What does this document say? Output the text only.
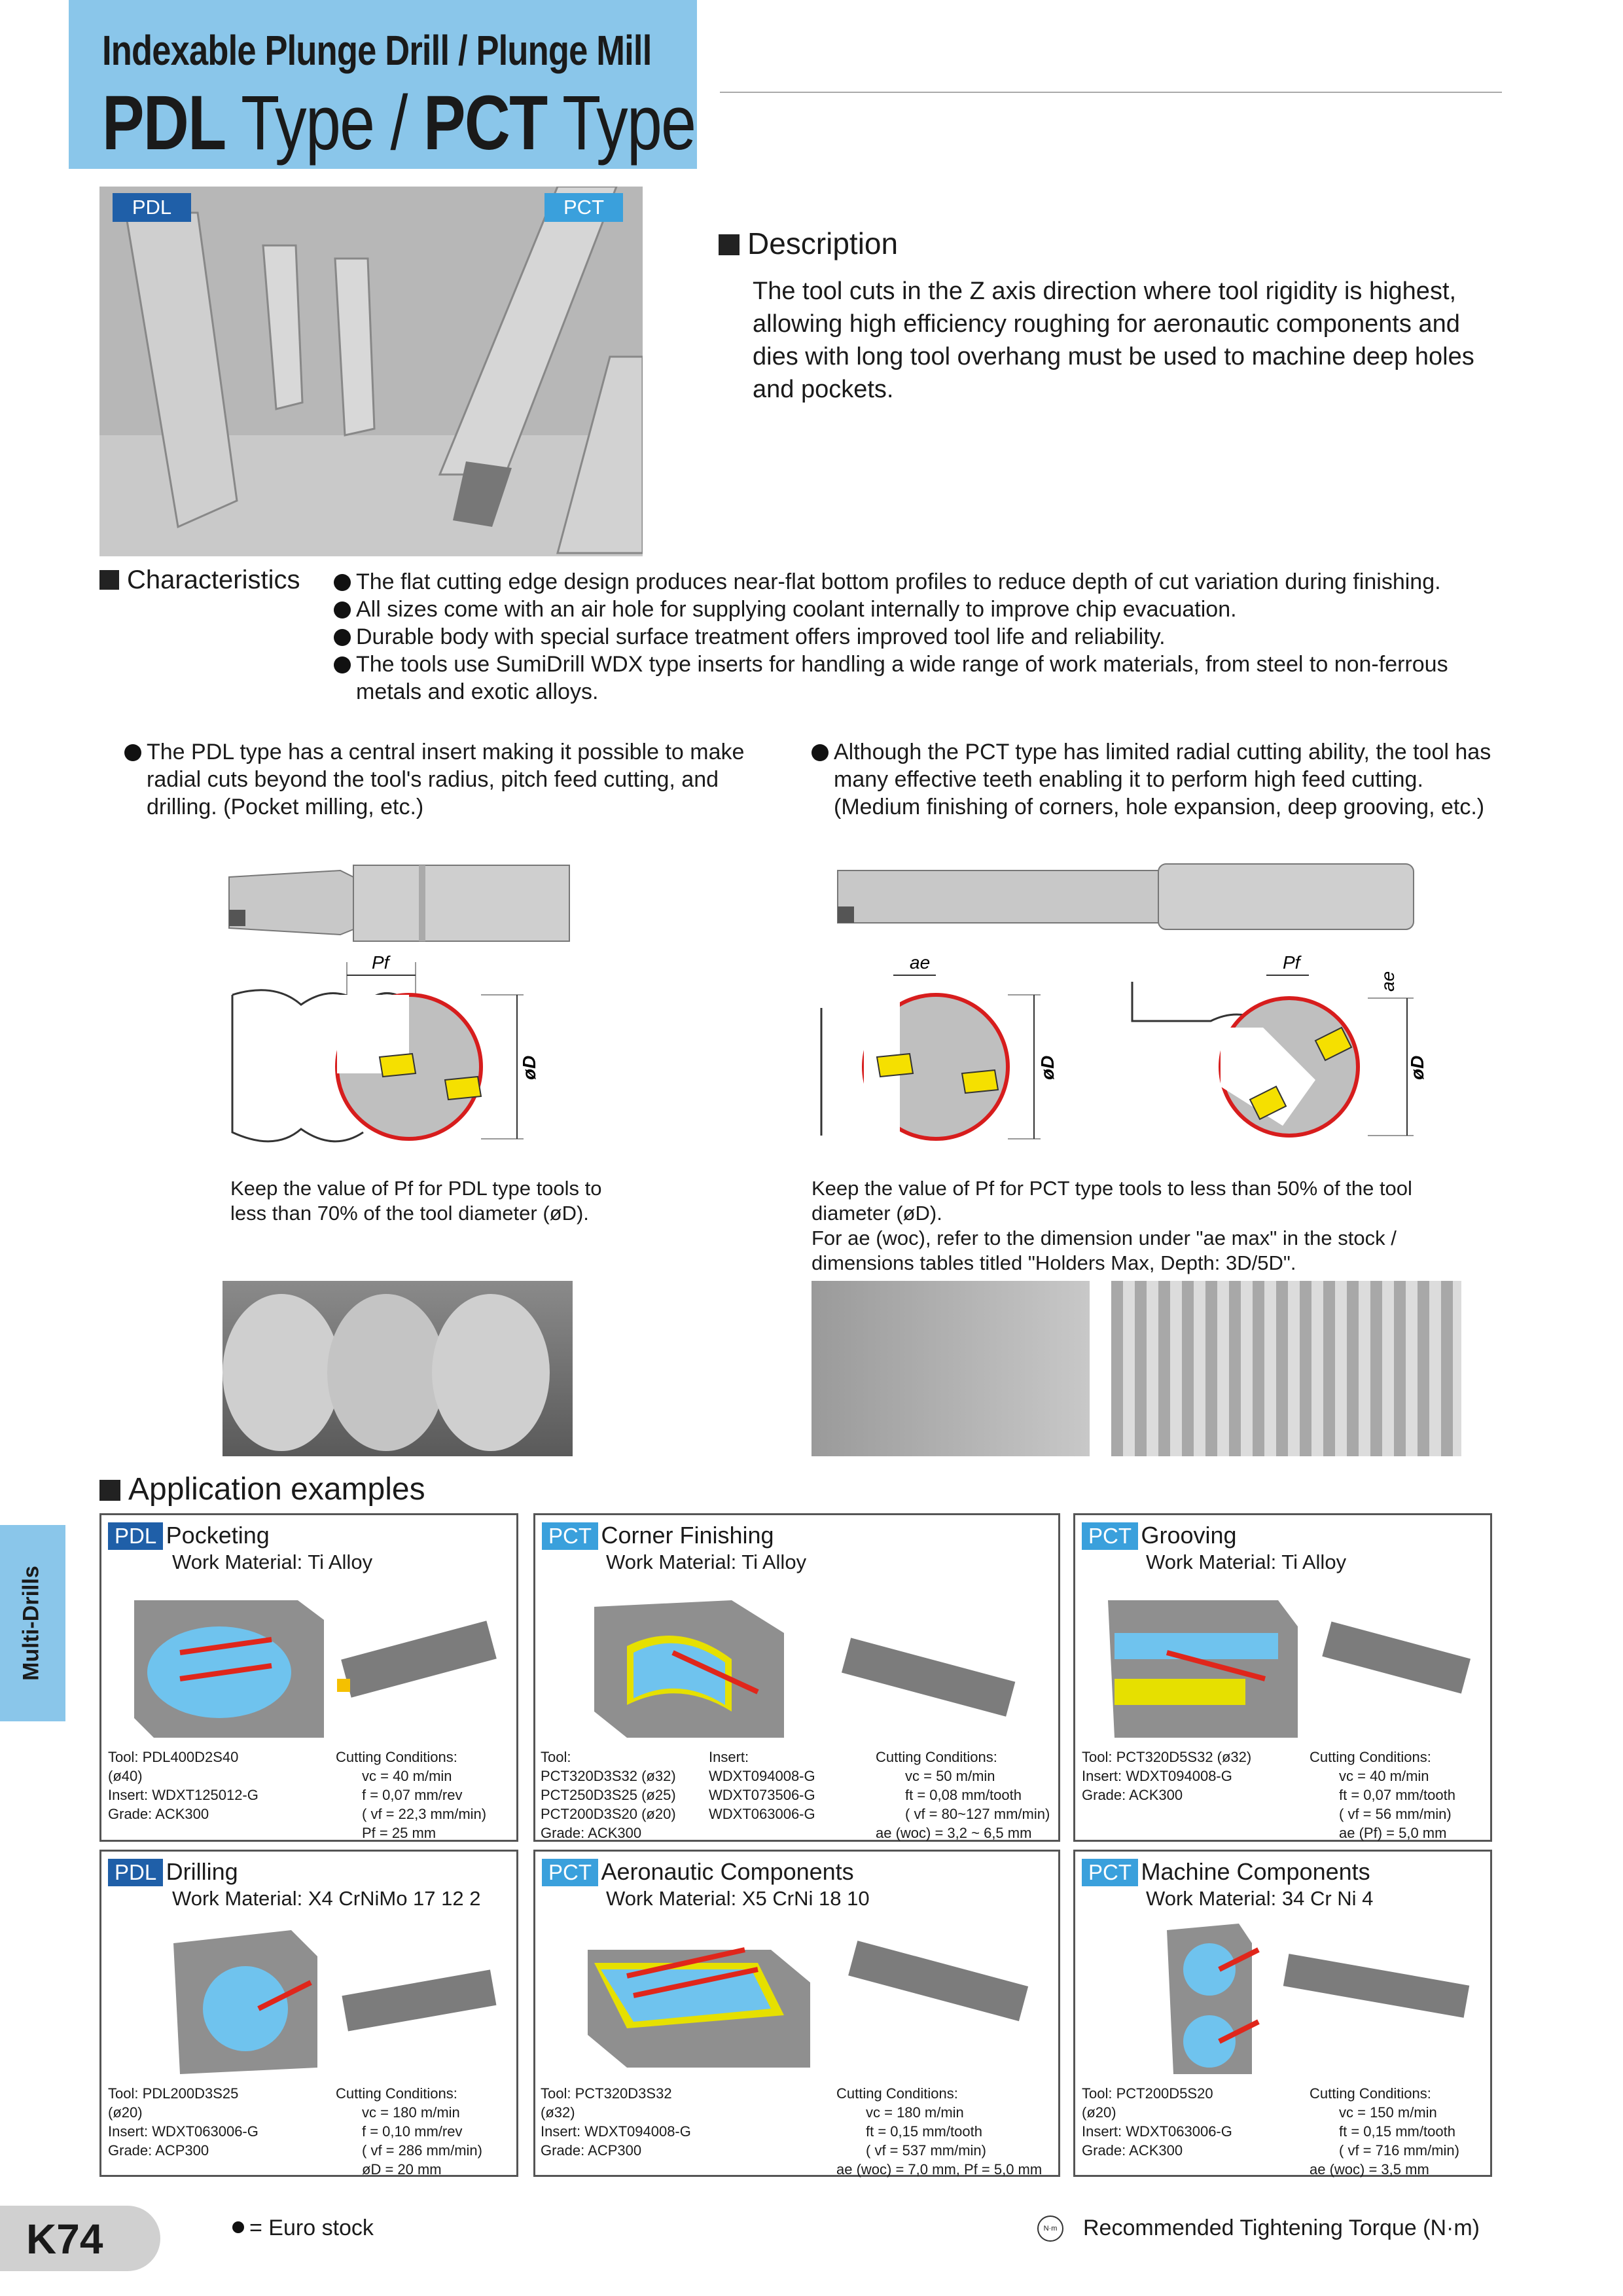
Indexable Plunge Drill / Plunge Mill
PDL Type / PCT Type
Multi-Drills
PDL	PCT
Description
The tool cuts in the Z axis direction where tool rigidity is highest, allowing high efficiency roughing for aeronautic components and dies with long tool overhang must be used to machine deep holes and pockets.
Characteristics	The flat cutting edge design produces near-flat bottom profiles to reduce depth of cut variation during finishing.
All sizes come with an air hole for supplying coolant internally to improve chip evacuation.
Durable body with special surface treatment offers improved tool life and reliability.
The tools use SumiDrill WDX type inserts for handling a wide range of work materials, from steel to non-ferrous metals and exotic alloys.
The PDL type has a central insert making it possible to make radial cuts beyond the tool's radius, pitch feed cutting, and drilling. (Pocket milling, etc.)
Although the PCT type has limited radial cutting ability, the tool has many effective teeth enabling it to perform high feed cutting. (Medium finishing of corners, hole expansion, deep grooving, etc.)
Pf
øD
ae
øD
Pf
ae
øD
Keep the value of Pf for PDL type tools to
less than 70% of the tool diameter (øD).
Keep the value of Pf for PCT type tools to less than 50% of the tool
diameter (øD).
For ae (woc), refer to the dimension under "ae max" in the stock /
dimensions tables titled "Holders Max, Depth: 3D/5D".
Application examples
PDL Pocketing
Work Material: Ti Alloy
Tool: PDL400D2S40
(ø40)
Insert: WDXT125012-G
Grade: ACK300
Cutting Conditions:
vc = 40 m/min
f = 0,07 mm/rev
( vf = 22,3 mm/min)
Pf = 25 mm
PCT Corner Finishing
Work Material: Ti Alloy
Tool:
PCT320D3S32 (ø32)
PCT250D3S25 (ø25)
PCT200D3S20 (ø20)
Grade: ACK300
Insert:
WDXT094008-G
WDXT073506-G
WDXT063006-G
Cutting Conditions:
vc = 50 m/min
ft = 0,08 mm/tooth
( vf = 80~127 mm/min)
ae (woc) = 3,2 ~ 6,5 mm
PCT Grooving
Work Material: Ti Alloy
Tool: PCT320D5S32 (ø32)
Insert: WDXT094008-G
Grade: ACK300
Cutting Conditions:
vc = 40 m/min
ft = 0,07 mm/tooth
( vf = 56 mm/min)
ae (Pf) = 5,0 mm
PDL Drilling
Work Material: X4 CrNiMo 17 12 2
Tool: PDL200D3S25
(ø20)
Insert: WDXT063006-G
Grade: ACP300
Cutting Conditions:
vc = 180 m/min
f = 0,10 mm/rev
( vf = 286 mm/min)
øD = 20 mm
PCT Aeronautic Components
Work Material: X5 CrNi 18 10
Tool: PCT320D3S32
(ø32)
Insert: WDXT094008-G
Grade: ACP300
Cutting Conditions:
vc = 180 m/min
ft = 0,15 mm/tooth
( vf = 537 mm/min)
ae (woc) = 7,0 mm, Pf = 5,0 mm
PCT Machine Components
Work Material: 34 Cr Ni 4
Tool: PCT200D5S20
(ø20)
Insert: WDXT063006-G
Grade: ACK300
Cutting Conditions:
vc = 150 m/min
ft = 0,15 mm/tooth
( vf = 716 mm/min)
ae (woc) = 3,5 mm
K74	= Euro stock	N·m Recommended Tightening Torque (N·m)
